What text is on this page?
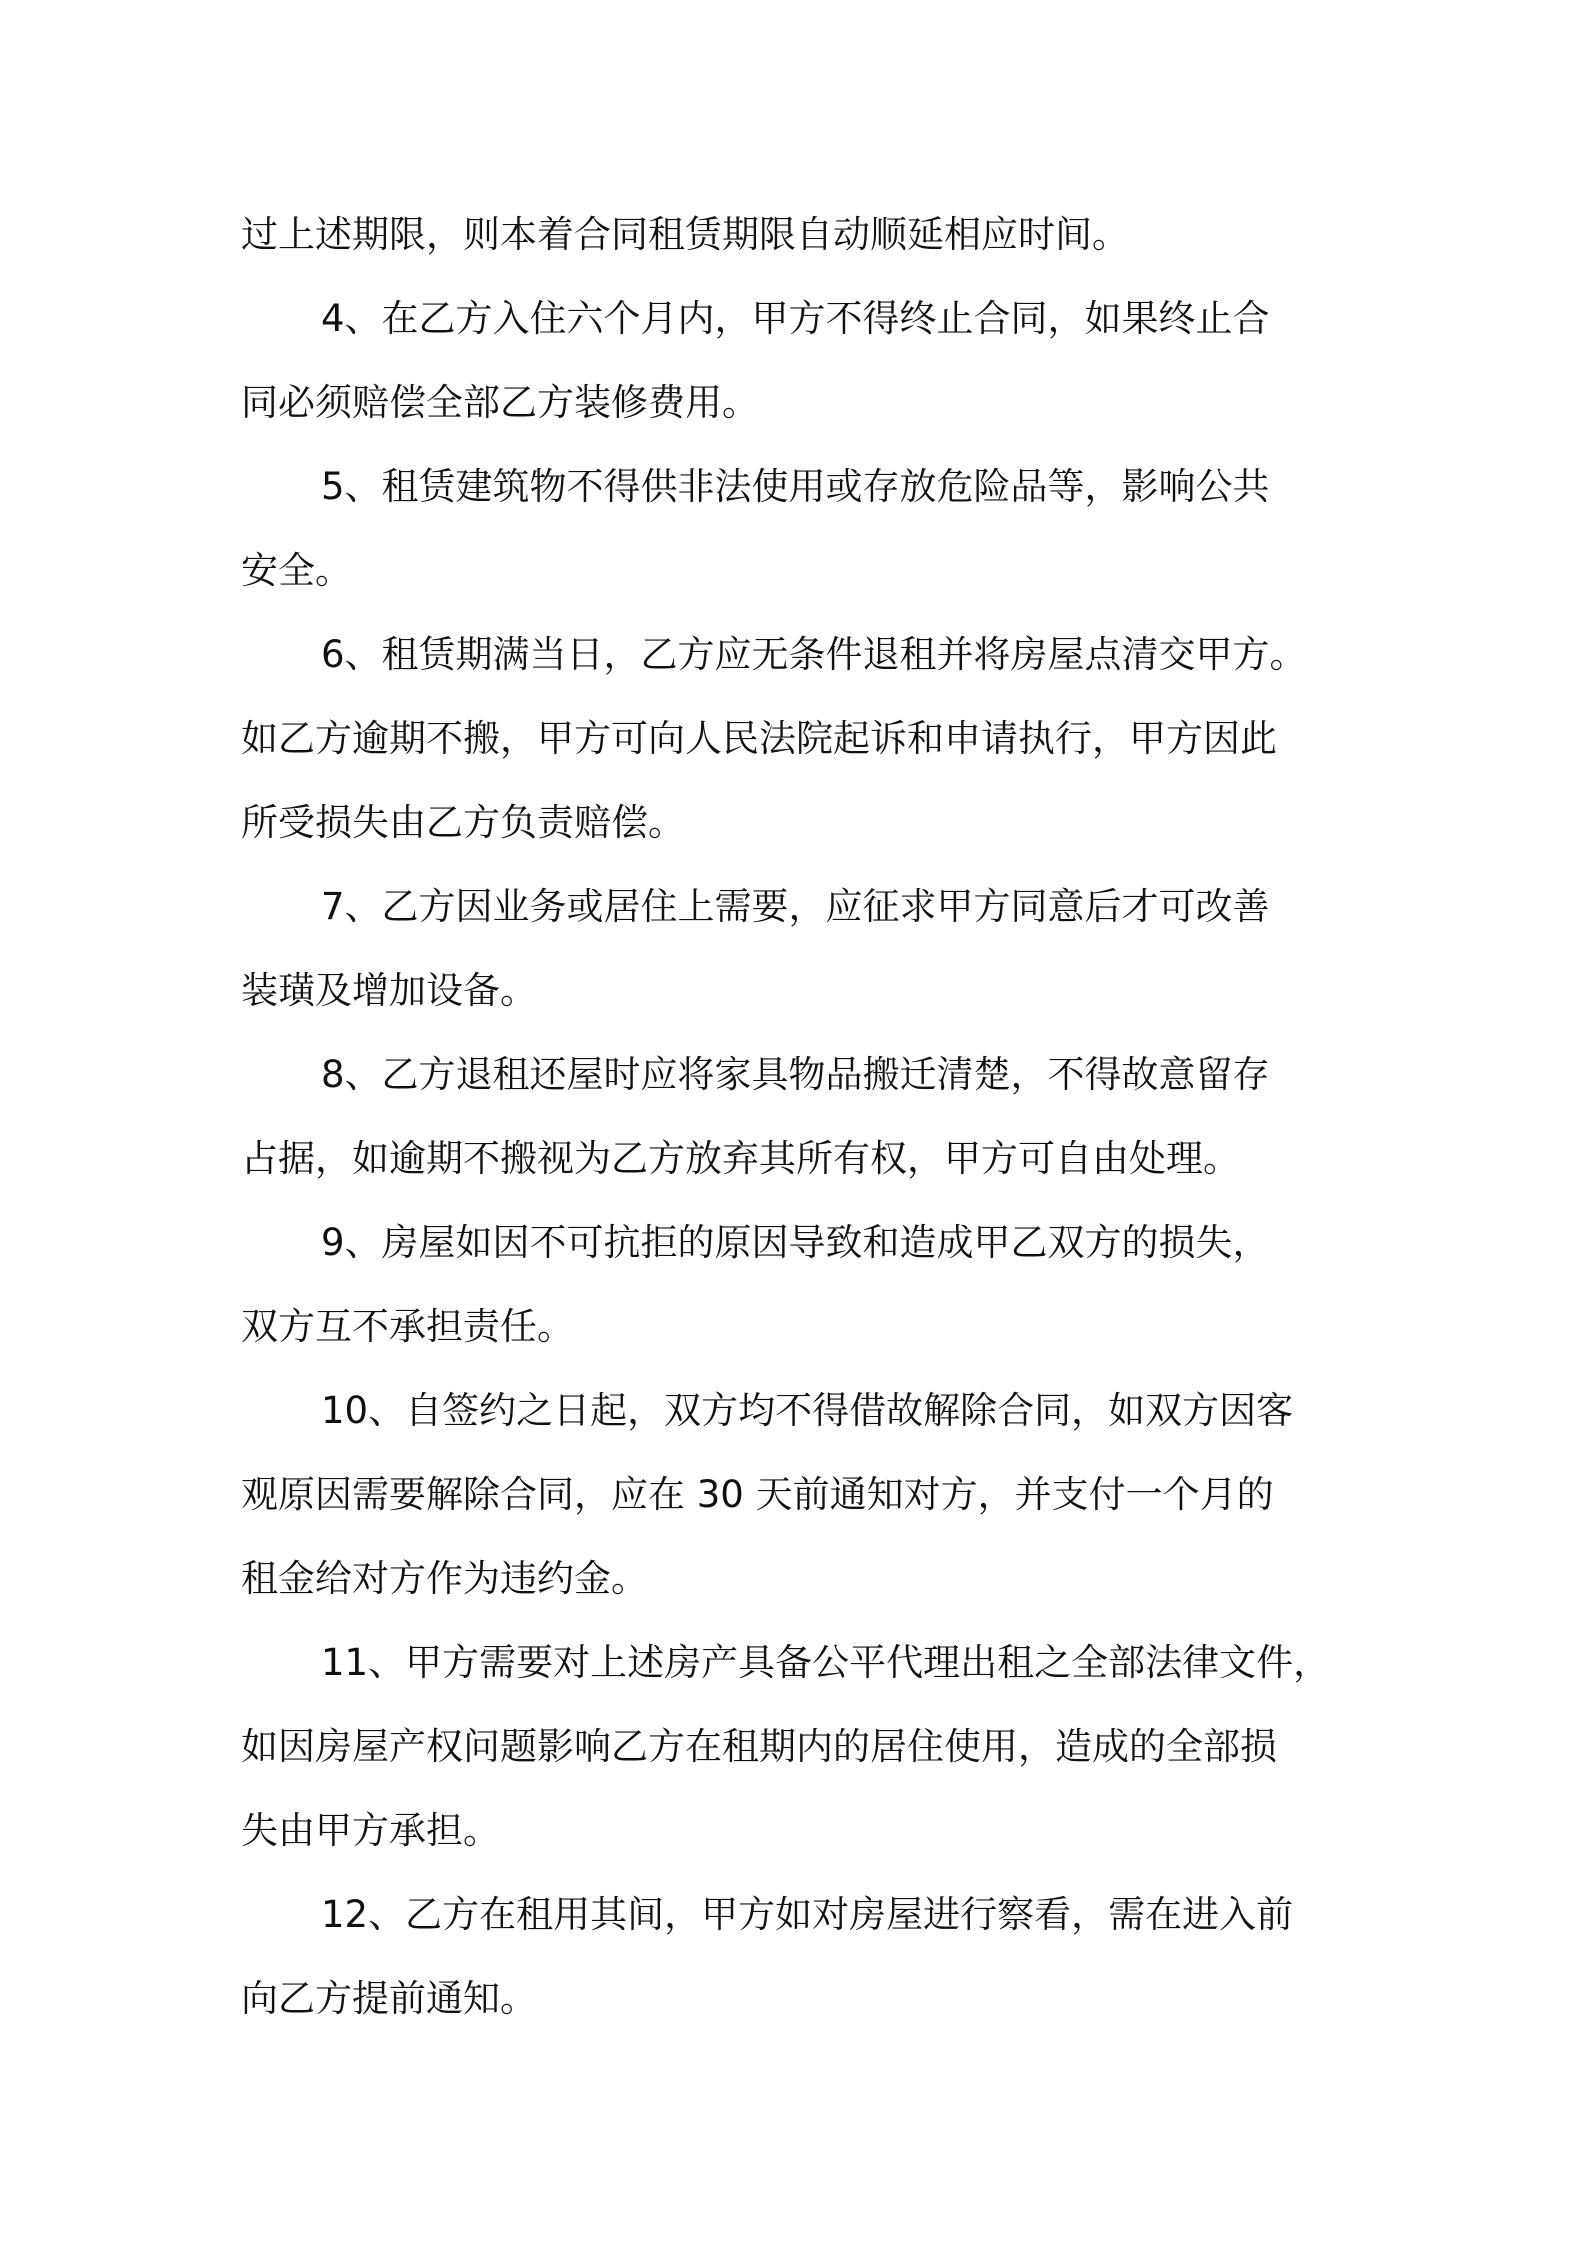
过上述期限，则本着合同租赁期限自动顺延相应时间。

4、在乙方入住六个月内，甲方不得终止合同，如果终止合

同必须赔偿全部乙方装修费用。

5、租赁建筑物不得供非法使用或存放危险品等，影响公共

安全。

6、租赁期满当日，乙方应无条件退租并将房屋点清交甲方。

如乙方逾期不搬，甲方可向人民法院起诉和申请执行，甲方因此
所受损失由乙方负责赔偿。

7、乙方因业务或居住上需要，应征求甲方同意后才可改善

装璜及增加设备。

8、乙方退租还屋时应将家具物品搬迁清楚，不得故意留存

占据，如逾期不搬视为乙方放弃其所有权，甲方可自由处理。

9、房屋如因不可抗拒的原因导致和造成甲乙双方的损失，

双方互不承担责任。

10、自签约之日起，双方均不得借故解除合同，如双方因客

观原因需要解除合同，应在 30 天前通知对方，并支付一个月的
租金给对方作为违约金。

11、甲方需要对上述房产具备公平代理出租之全部法律文件，

如因房屋产权问题影响乙方在租期内的居住使用，造成的全部损
失由甲方承担。

12、乙方在租用其间，甲方如对房屋进行察看，需在进入前

向乙方提前通知。
